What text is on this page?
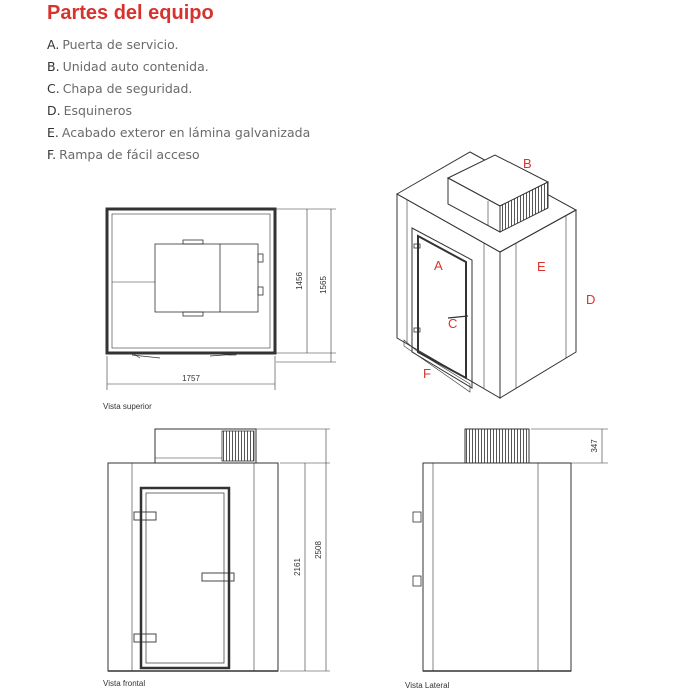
Partes del equipo
A. Puerta de servicio.
B. Unidad auto contenida.
C. Chapa de seguridad.
D. Esquineros
E. Acabado exteror en lámina galvanizada
F. Rampa de fácil acceso
1757
1456 1565
Vista superior
B
A	E
D
C
F
2161
2508
Vista frontal
347
Vista Lateral
